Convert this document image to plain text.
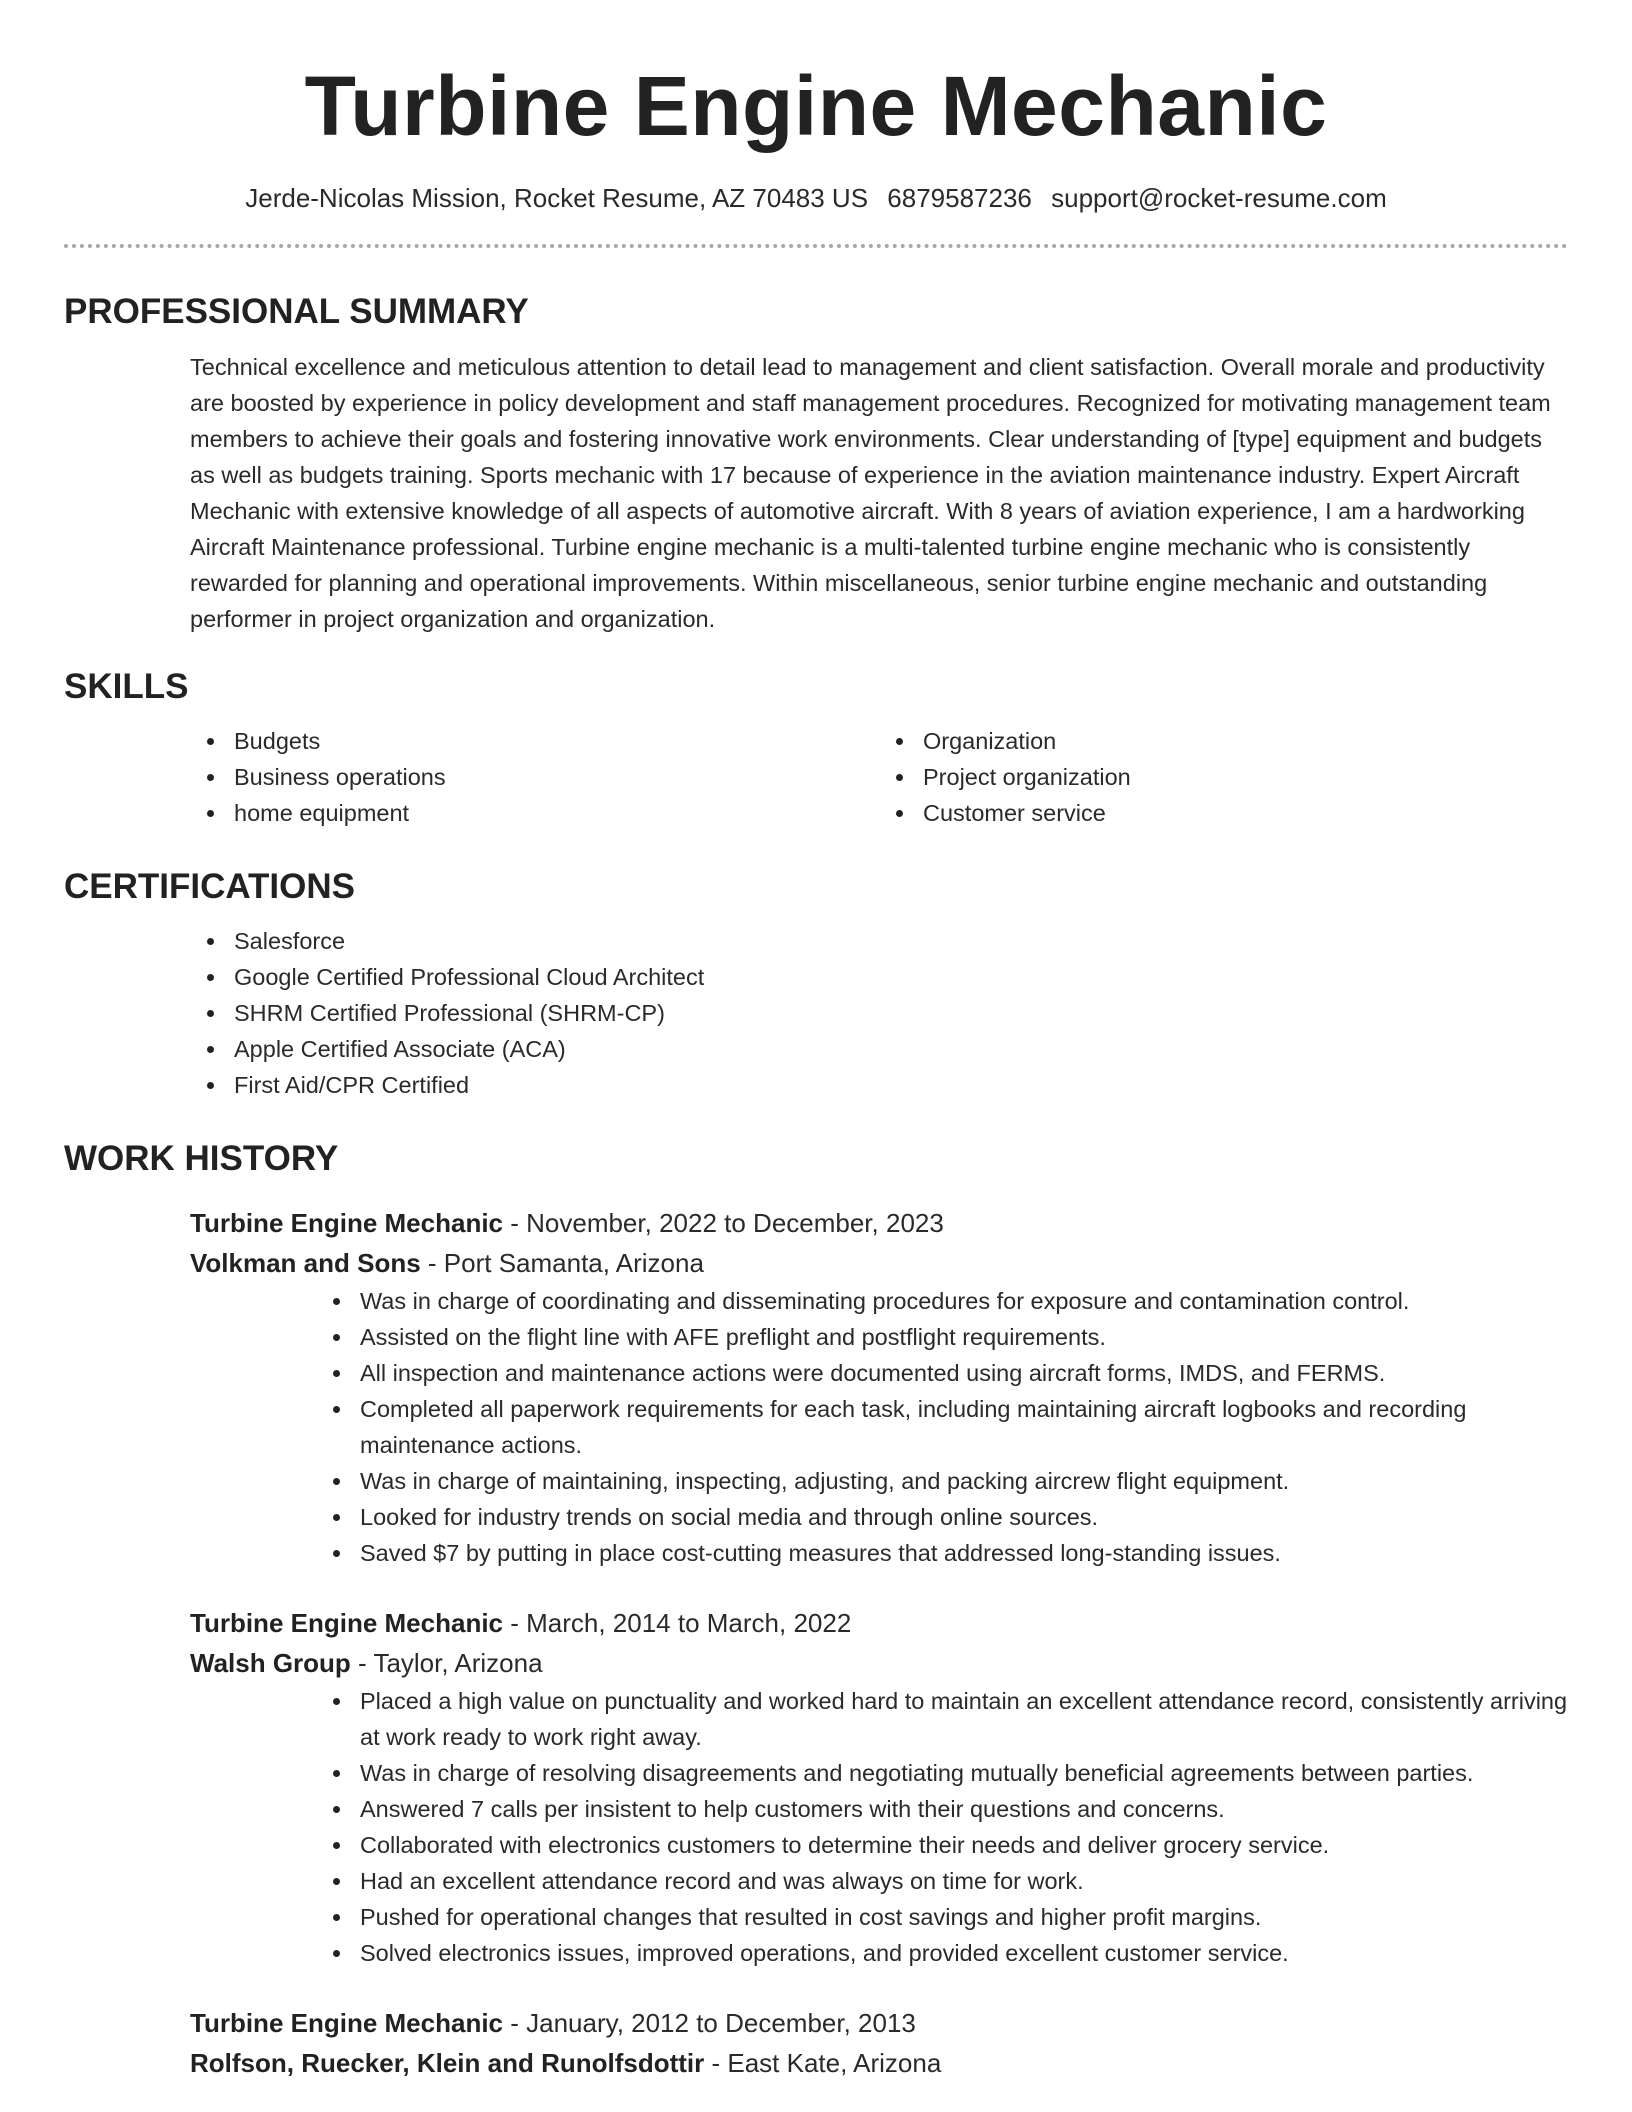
Turbine Engine Mechanic
Jerde-Nicolas Mission, Rocket Resume, AZ 70483 US 6879587236 support@rocket-resume.com
PROFESSIONAL SUMMARY

Technical excellence and meticulous attention to detail lead to management and client satisfaction. Overall morale and productivity are boosted by experience in policy development and staff management procedures. Recognized for motivating management team members to achieve their goals and fostering innovative work environments. Clear understanding of [type] equipment and budgets as well as budgets training. Sports mechanic with 17 because of experience in the aviation maintenance industry. Expert Aircraft Mechanic with extensive knowledge of all aspects of automotive aircraft. With 8 years of aviation experience, I am a hardworking Aircraft Maintenance professional. Turbine engine mechanic is a multi-talented turbine engine mechanic who is consistently rewarded for planning and operational improvements. Within miscellaneous, senior turbine engine mechanic and outstanding performer in project organization and organization.

SKILLS
Budgets
Business operations
home equipment
Organization
Project organization
Customer service
CERTIFICATIONS
Salesforce
Google Certified Professional Cloud Architect
SHRM Certified Professional (SHRM-CP)
Apple Certified Associate (ACA)
First Aid/CPR Certified
WORK HISTORY
Turbine Engine Mechanic - November, 2022 to December, 2023
Volkman and Sons - Port Samanta, Arizona
Was in charge of coordinating and disseminating procedures for exposure and contamination control.
Assisted on the flight line with AFE preflight and postflight requirements.
All inspection and maintenance actions were documented using aircraft forms, IMDS, and FERMS.
Completed all paperwork requirements for each task, including maintaining aircraft logbooks and recording maintenance actions.
Was in charge of maintaining, inspecting, adjusting, and packing aircrew flight equipment.
Looked for industry trends on social media and through online sources.
Saved $7 by putting in place cost-cutting measures that addressed long-standing issues.
Turbine Engine Mechanic - March, 2014 to March, 2022
Walsh Group - Taylor, Arizona
Placed a high value on punctuality and worked hard to maintain an excellent attendance record, consistently arriving at work ready to work right away.
Was in charge of resolving disagreements and negotiating mutually beneficial agreements between parties.
Answered 7 calls per insistent to help customers with their questions and concerns.
Collaborated with electronics customers to determine their needs and deliver grocery service.
Had an excellent attendance record and was always on time for work.
Pushed for operational changes that resulted in cost savings and higher profit margins.
Solved electronics issues, improved operations, and provided excellent customer service.
Turbine Engine Mechanic - January, 2012 to December, 2013
Rolfson, Ruecker, Klein and Runolfsdottir - East Kate, Arizona
